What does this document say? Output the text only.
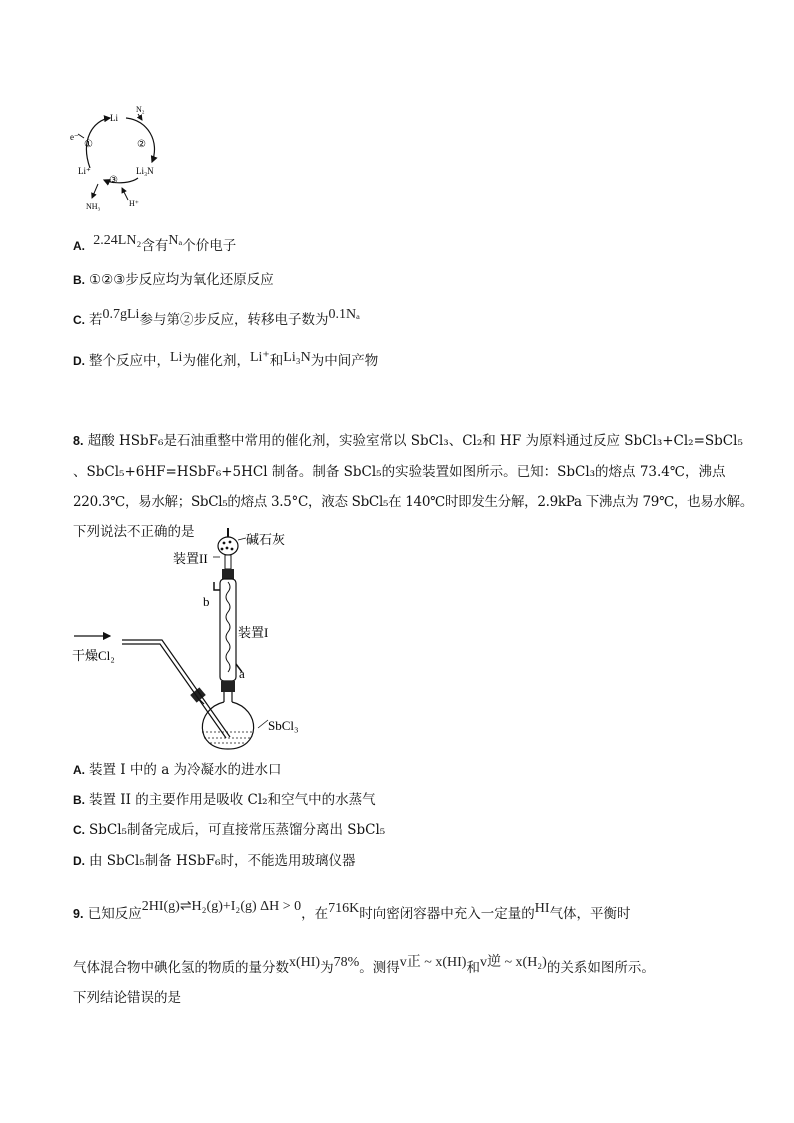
Li
N₂
e⁻
①	②
③
Li⁺	Li₃N
NH₃	H⁺
A. 2.24LN₂含有Nₐ个价电子
B. ①②③步反应均为氧化还原反应
C. 若0.7gLi参与第②步反应，转移电子数为0.1Nₐ
D. 整个反应中，Li为催化剂，Li⁺和Li₃N为中间产物
8. 超酸 HSbF₆是石油重整中常用的催化剂，实验室常以 SbCl₃、Cl₂和 HF 为原料通过反应 SbCl₃+Cl₂=SbCl₅
、SbCl₅+6HF=HSbF₆+5HCl 制备。制备 SbCl₅的实验装置如图所示。已知：SbCl₃的熔点 73.4℃，沸点
220.3℃，易水解；SbCl₅的熔点 3.5°C，液态 SbCl₅在 140℃时即发生分解，2.9kPa 下沸点为 79℃，也易水解。
下列说法不正确的是	碱石灰
装置II
装置I
b
a
干燥Cl₂
SbCl₃
A. 装置 I 中的 a 为冷凝水的进水口
B. 装置 II 的主要作用是吸收 Cl₂和空气中的水蒸气
C. SbCl₅制备完成后，可直接常压蒸馏分离出 SbCl₅
D. 由 SbCl₅制备 HSbF₆时，不能选用玻璃仪器
9. 已知反应2HI(g)⇌H₂(g)+I₂(g) ΔH > 0，在716K时向密闭容器中充入一定量的HI气体，平衡时
气体混合物中碘化氢的物质的量分数x(HI)为78%。测得v正 ~ x(HI)和v逆 ~ x(H₂)的关系如图所示。
下列结论错误的是
